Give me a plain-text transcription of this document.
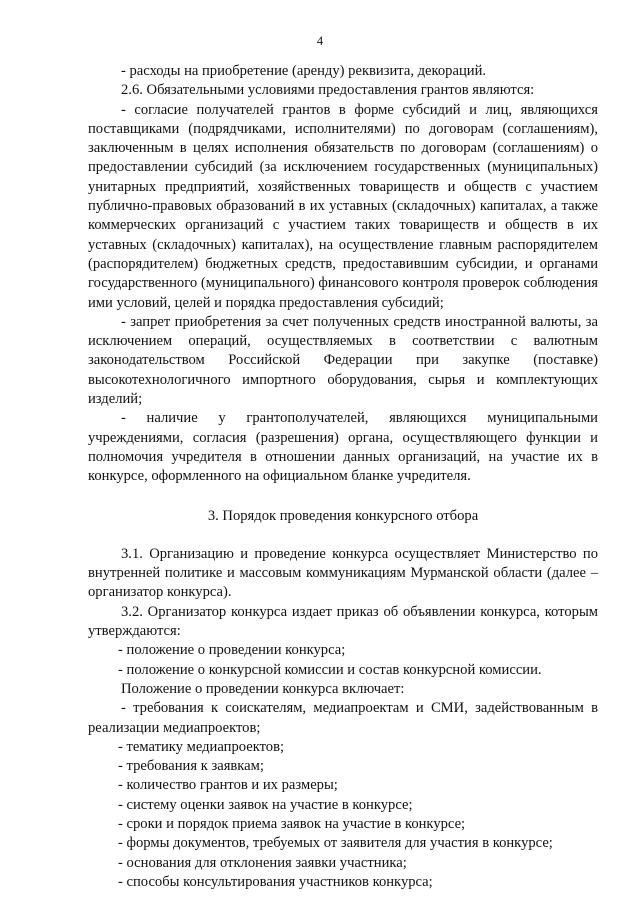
4

- расходы на приобретение (аренду) реквизита, декораций.

2.6. Обязательными условиями предоставления грантов являются:

- согласие получателей грантов в форме субсидий и лиц, являющихся поставщиками (подрядчиками, исполнителями) по договорам (соглашениям), заключенным в целях исполнения обязательств по договорам (соглашениям) о предоставлении субсидий (за исключением государственных (муниципальных) унитарных предприятий, хозяйственных товариществ и обществ с участием публично-правовых образований в их уставных (складочных) капиталах, а также коммерческих организаций с участием таких товариществ и обществ в их уставных (складочных) капиталах), на осуществление главным распорядителем (распорядителем) бюджетных средств, предоставившим субсидии, и органами государственного (муниципального) финансового контроля проверок соблюдения ими условий, целей и порядка предоставления субсидий;

- запрет приобретения за счет полученных средств иностранной валюты, за исключением операций, осуществляемых в соответствии с валютным законодательством Российской Федерации при закупке (поставке) высокотехнологичного импортного оборудования, сырья и комплектующих изделий;

- наличие у грантополучателей, являющихся муниципальными учреждениями, согласия (разрешения) органа, осуществляющего функции и полномочия учредителя в отношении данных организаций, на участие их в конкурсе, оформленного на официальном бланке учредителя.

3. Порядок проведения конкурсного отбора

3.1. Организацию и проведение конкурса осуществляет Министерство по внутренней политике и массовым коммуникациям Мурманской области (далее – организатор конкурса).

3.2. Организатор конкурса издает приказ об объявлении конкурса, которым утверждаются:

- положение о проведении конкурса;

- положение о конкурсной комиссии и состав конкурсной комиссии.

Положение о проведении конкурса включает:

- требования к соискателям, медиапроектам и СМИ, задействованным в реализации медиапроектов;

- тематику медиапроектов;

- требования к заявкам;

- количество грантов и их размеры;

- систему оценки заявок на участие в конкурсе;

- сроки и порядок приема заявок на участие в конкурсе;

- формы документов, требуемых от заявителя для участия в конкурсе;

- основания для отклонения заявки участника;

- способы консультирования участников конкурса;
